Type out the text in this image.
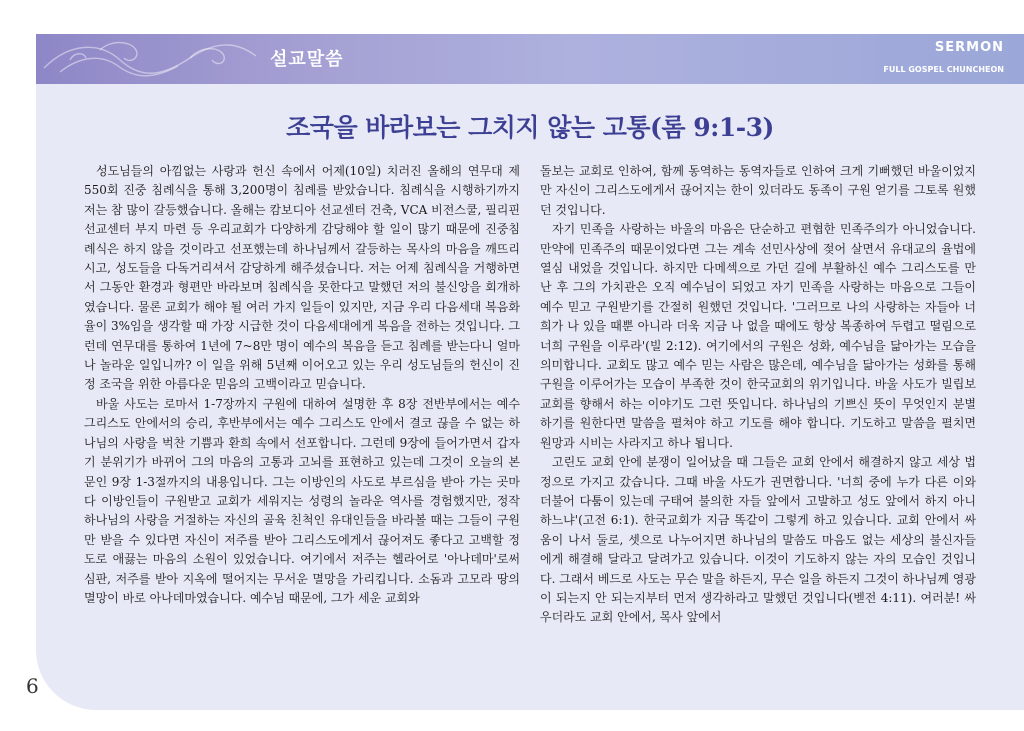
설교말씀
SERMON
FULL GOSPEL CHUNCHEON
조국을 바라보는 그치지 않는 고통(롬 9:1-3)

성도님들의 아낌없는 사랑과 헌신 속에서 어제(10일) 치러진 올해의 연무대 제 550회 진중 침례식을 통해 3,200명이 침례를 받았습니다. 침례식을 시행하기까지 저는 참 많이 갈등했습니다. 올해는 캄보디아 선교센터 건축, VCA 비전스쿨, 필리핀 선교센터 부지 마련 등 우리교회가 다양하게 감당해야 할 일이 많기 때문에 진중침례식은 하지 않을 것이라고 선포했는데 하나님께서 갈등하는 목사의 마음을 깨뜨리시고, 성도들을 다독거리셔서 감당하게 해주셨습니다. 저는 어제 침례식을 거행하면서 그동안 환경과 형편만 바라보며 침례식을 못한다고 말했던 저의 불신앙을 회개하였습니다. 물론 교회가 해야 될 여러 가지 일들이 있지만, 지금 우리 다음세대 복음화율이 3%임을 생각할 때 가장 시급한 것이 다음세대에게 복음을 전하는 것입니다. 그런데 연무대를 통하여 1년에 7~8만 명이 예수의 복음을 듣고 침례를 받는다니 얼마나 놀라운 일입니까? 이 일을 위해 5년째 이어오고 있는 우리 성도님들의 헌신이 진정 조국을 위한 아름다운 믿음의 고백이라고 믿습니다.

바울 사도는 로마서 1-7장까지 구원에 대하여 설명한 후 8장 전반부에서는 예수 그리스도 안에서의 승리, 후반부에서는 예수 그리스도 안에서 결코 끊을 수 없는 하나님의 사랑을 벅찬 기쁨과 환희 속에서 선포합니다. 그런데 9장에 들어가면서 갑자기 분위기가 바뀌어 그의 마음의 고통과 고뇌를 표현하고 있는데 그것이 오늘의 본문인 9장 1-3절까지의 내용입니다. 그는 이방인의 사도로 부르심을 받아 가는 곳마다 이방인들이 구원받고 교회가 세워지는 성령의 놀라운 역사를 경험했지만, 정작 하나님의 사랑을 거절하는 자신의 골육 친척인 유대인들을 바라볼 때는 그들이 구원만 받을 수 있다면 자신이 저주를 받아 그리스도에게서 끊어져도 좋다고 고백할 정도로 애끓는 마음의 소원이 있었습니다. 여기에서 저주는 헬라어로 '아나데마'로써 심판, 저주를 받아 지옥에 떨어지는 무서운 멸망을 가리킵니다. 소돔과 고모라 땅의 멸망이 바로 아나데마였습니다. 예수님 때문에, 그가 세운 교회와

돌보는 교회로 인하여, 함께 동역하는 동역자들로 인하여 크게 기뻐했던 바울이었지만 자신이 그리스도에게서 끊어지는 한이 있더라도 동족이 구원 얻기를 그토록 원했던 것입니다.

자기 민족을 사랑하는 바울의 마음은 단순하고 편협한 민족주의가 아니었습니다. 만약에 민족주의 때문이었다면 그는 계속 선민사상에 젖어 살면서 유대교의 율법에 열심 내었을 것입니다. 하지만 다메섹으로 가던 길에 부활하신 예수 그리스도를 만난 후 그의 가치관은 오직 예수님이 되었고 자기 민족을 사랑하는 마음으로 그들이 예수 믿고 구원받기를 간절히 원했던 것입니다. '그러므로 나의 사랑하는 자들아 너희가 나 있을 때뿐 아니라 더욱 지금 나 없을 때에도 항상 복종하여 두렵고 떨림으로 너희 구원을 이루라'(빌 2:12). 여기에서의 구원은 성화, 예수님을 닮아가는 모습을 의미합니다. 교회도 많고 예수 믿는 사람은 많은데, 예수님을 닮아가는 성화를 통해 구원을 이루어가는 모습이 부족한 것이 한국교회의 위기입니다. 바울 사도가 빌립보 교회를 향해서 하는 이야기도 그런 뜻입니다. 하나님의 기쁘신 뜻이 무엇인지 분별하기를 원한다면 말씀을 펼쳐야 하고 기도를 해야 합니다. 기도하고 말씀을 펼치면 원망과 시비는 사라지고 하나 됩니다.

고린도 교회 안에 분쟁이 일어났을 때 그들은 교회 안에서 해결하지 않고 세상 법정으로 가지고 갔습니다. 그때 바울 사도가 권면합니다. '너희 중에 누가 다른 이와 더불어 다툼이 있는데 구태여 불의한 자들 앞에서 고발하고 성도 앞에서 하지 아니하느냐'(고전 6:1). 한국교회가 지금 똑같이 그렇게 하고 있습니다. 교회 안에서 싸움이 나서 둘로, 셋으로 나누어지면 하나님의 말씀도 마음도 없는 세상의 불신자들에게 해결해 달라고 달려가고 있습니다. 이것이 기도하지 않는 자의 모습인 것입니다. 그래서 베드로 사도는 무슨 말을 하든지, 무슨 일을 하든지 그것이 하나님께 영광이 되는지 안 되는지부터 먼저 생각하라고 말했던 것입니다(벧전 4:11). 여러분! 싸우더라도 교회 안에서, 목사 앞에서

6
